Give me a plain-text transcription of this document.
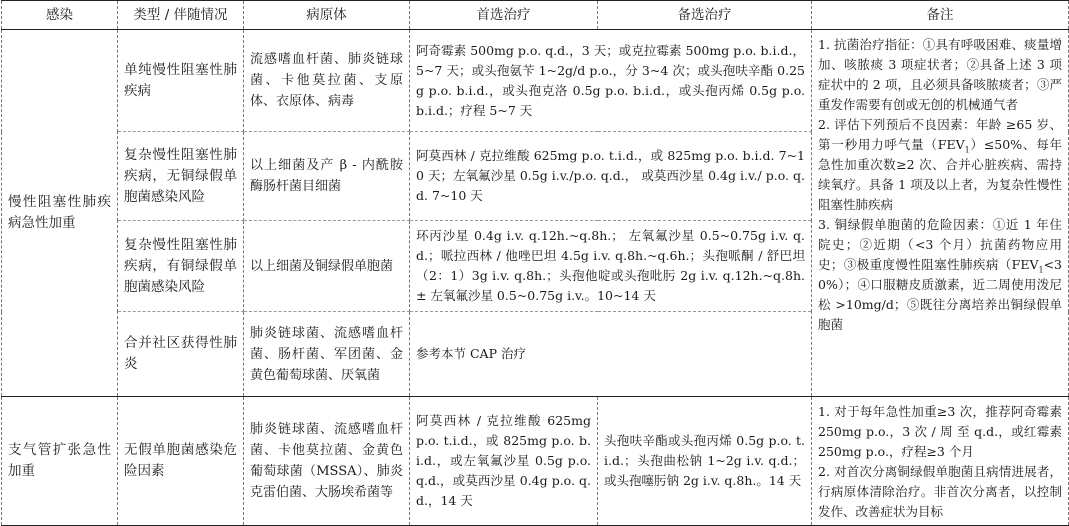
感染	类型 / 伴随情况	病原体	首选治疗	备选治疗	备注
慢性阻塞性肺疾病急性加重	单纯慢性阻塞性肺疾病	流感嗜血杆菌、肺炎链球菌、卡他莫拉菌、支原体、衣原体、病毒	阿奇霉素 500mg p.o. q.d.，3 天；或克拉霉素 500mg p.o. b.i.d.，5~7 天；或头孢氨苄 1~2g/d p.o.，分 3~4 次；或头孢呋辛酯 0.25 g p.o. b.i.d.，或头孢克洛 0.5g p.o. b.i.d.，或头孢丙烯 0.5g p.o. b.i.d.；疗程 5~7 天		1. 抗菌治疗指征：①具有呼吸困难、痰量增加、咳脓痰 3 项症状者；②具备上述 3 项症状中的 2 项，且必须具备咳脓痰者；③严重发作需要有创或无创的机械通气者
2. 评估下列预后不良因素：年龄 ≥65 岁、第一秒用力呼气量$(FEV_1)\le 50\%$、每年急性加重次数≥2 次、合并心脏疾病、需持续氧疗。具备 1 项及以上者，为复杂性慢性阻塞性肺疾病
3. 铜绿假单胞菌的危险因素：①近 1 年住院史；②近期（<3 个月）抗菌药物应用史；③极重度慢性阻塞性肺疾病$(FEV_1<30\%)$；④口服糖皮质激素，近二周使用泼尼松 >10mg/d；⑤既往分离培养出铜绿假单胞菌

	复杂慢性阻塞性肺疾病，无铜绿假单胞菌感染风险	以上细菌及产 β - 内酰胺酶肠杆菌目细菌	阿莫西林 / 克拉维酸 625mg p.o. t.i.d.，或 825mg p.o. b.i.d. 7~10 天；左氧氟沙星 0.5g i.v./p.o. q.d.， 或莫西沙星 0.4g i.v./ p.o. q.d. 7~10 天		
	复杂慢性阻塞性肺疾病，有铜绿假单胞菌感染风险	以上细菌及铜绿假单胞菌	环丙沙星 0.4g i.v. q.12h.~q.8h.； 左氧氟沙星 0.5~0.75g i.v. q.d.；哌拉西林 / 他唑巴坦 4.5g i.v. q.8h.~q.6h.；头孢哌酮 / 舒巴坦（2：1）3g i.v. q.8h.；头孢他啶或头孢吡肟 2g i.v. q.12h.~q.8h. ± 左氧氟沙星 0.5~0.75g i.v.。10~14 天		
	合并社区获得性肺炎	肺炎链球菌、流感嗜血杆菌、肠杆菌、军团菌、金黄色葡萄球菌、厌氧菌	参考本节 CAP 治疗		
支气管扩张急性加重	无假单胞菌感染危险因素	肺炎链球菌、流感嗜血杆菌、卡他莫拉菌、金黄色葡萄球菌（MSSA）、肺炎克雷伯菌、大肠埃希菌等	阿莫西林 / 克拉维酸 625mg p.o. t.i.d.，或 825mg p.o. b.i.d.，或左氧氟沙星 0.5g p.o. q.d.，或莫西沙星 0.4g p.o. q.d.，14 天	头孢呋辛酯或头孢丙烯 0.5g p.o. t.i.d.；头孢曲松钠 1~2g i.v. q.d.；或头孢噻肟钠 2g i.v. q.8h.。14 天	1. 对于每年急性加重≥3 次，推荐阿奇霉素 250mg p.o.，3 次 / 周 至 q.d.，或红霉素 250mg p.o.，疗程≥3 个月
2. 对首次分离铜绿假单胞菌且病情进展者，行病原体清除治疗。非首次分离者，以控制发作、改善症状为目标
